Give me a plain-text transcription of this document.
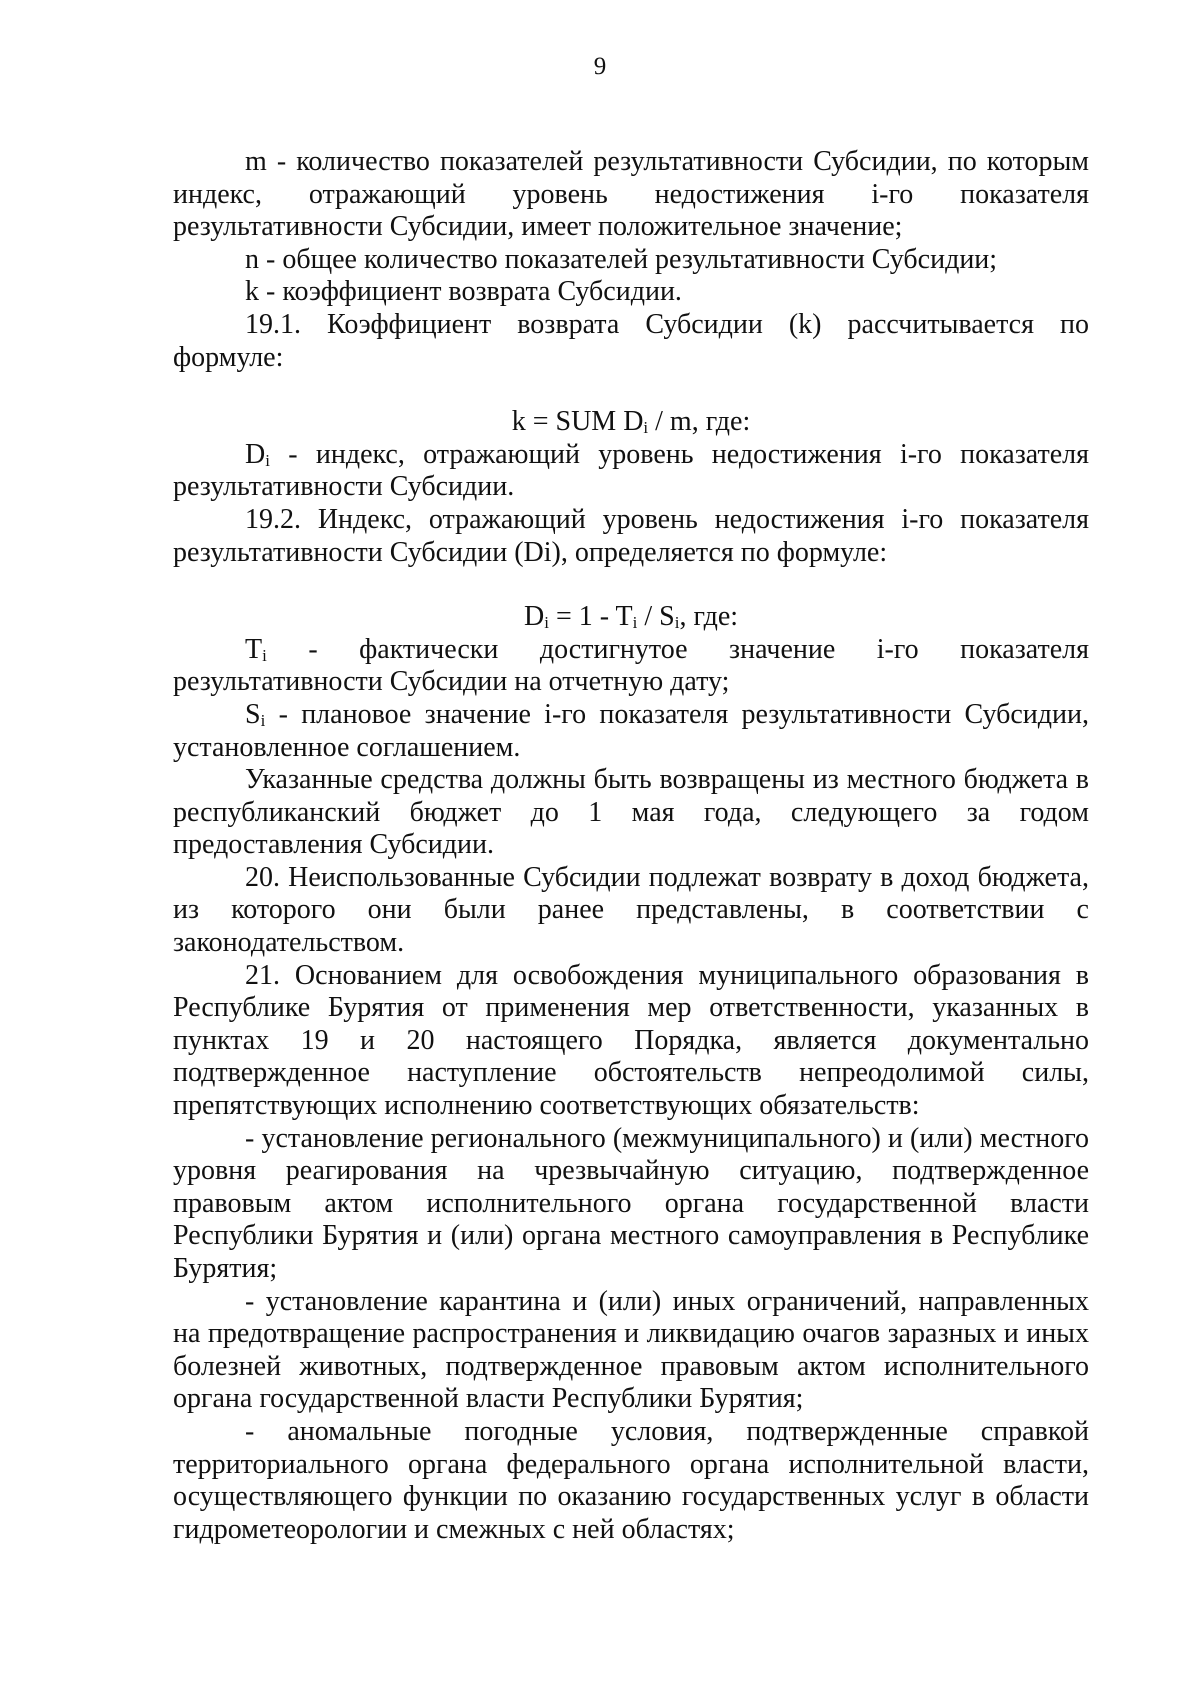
9

m - количество показателей результативности Субсидии, по которым индекс, отражающий уровень недостижения i-го показателя результативности Субсидии, имеет положительное значение;

n - общее количество показателей результативности Субсидии;

k - коэффициент возврата Субсидии.

19.1. Коэффициент возврата Субсидии (k) рассчитывается по формуле:

k = SUM $D_i$ / m, где:

$D_i$ - индекс, отражающий уровень недостижения i-го показателя результативности Субсидии.

19.2. Индекс, отражающий уровень недостижения i-го показателя результативности Субсидии (Di), определяется по формуле:

$D_i = 1 - T_i / S_i$, где:

$T_i$ - фактически достигнутое значение i-го показателя результативности Субсидии на отчетную дату;

$S_i$ - плановое значение i-го показателя результативности Субсидии, установленное соглашением.

Указанные средства должны быть возвращены из местного бюджета в республиканский бюджет до 1 мая года, следующего за годом предоставления Субсидии.

20. Неиспользованные Субсидии подлежат возврату в доход бюджета, из которого они были ранее представлены, в соответствии с законодательством.

21. Основанием для освобождения муниципального образования в Республике Бурятия от применения мер ответственности, указанных в пунктах 19 и 20 настоящего Порядка, является документально подтвержденное наступление обстоятельств непреодолимой силы, препятствующих исполнению соответствующих обязательств:

- установление регионального (межмуниципального) и (или) местного уровня реагирования на чрезвычайную ситуацию, подтвержденное правовым актом исполнительного органа государственной власти Республики Бурятия и (или) органа местного самоуправления в Республике Бурятия;

- установление карантина и (или) иных ограничений, направленных на предотвращение распространения и ликвидацию очагов заразных и иных болезней животных, подтвержденное правовым актом исполнительного органа государственной власти Республики Бурятия;

- аномальные погодные условия, подтвержденные справкой территориального органа федерального органа исполнительной власти, осуществляющего функции по оказанию государственных услуг в области гидрометеорологии и смежных с ней областях;
